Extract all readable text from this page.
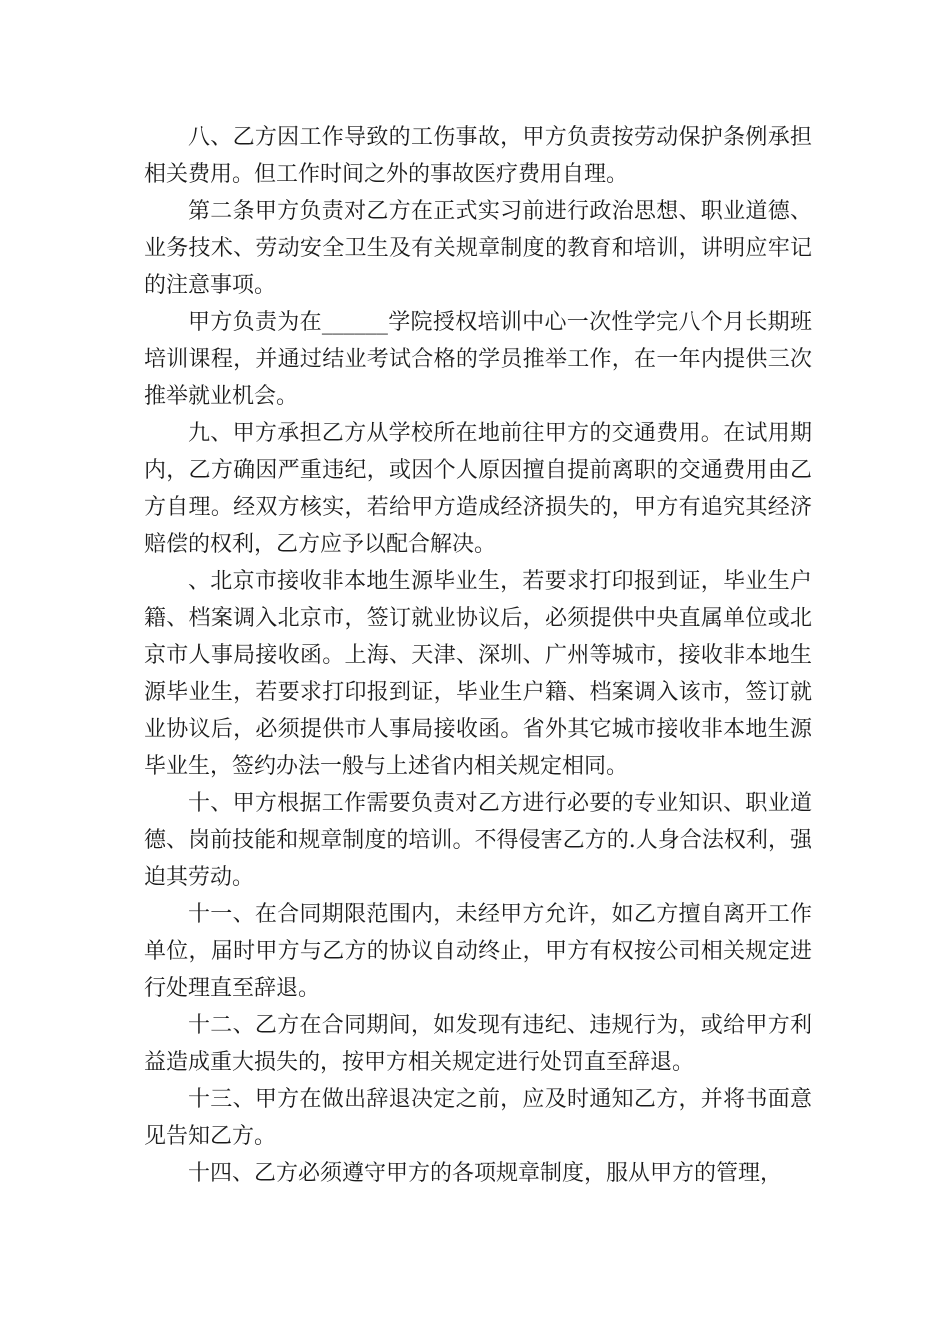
八、乙方因工作导致的工伤事故，甲方负责按劳动保护条例承担相关费用。但工作时间之外的事故医疗费用自理。

第二条甲方负责对乙方在正式实习前进行政治思想、职业道德、业务技术、劳动安全卫生及有关规章制度的教育和培训，讲明应牢记的注意事项。

甲方负责为在______学院授权培训中心一次性学完八个月长期班培训课程，并通过结业考试合格的学员推举工作，在一年内提供三次推举就业机会。

九、甲方承担乙方从学校所在地前往甲方的交通费用。在试用期内，乙方确因严重违纪，或因个人原因擅自提前离职的交通费用由乙方自理。经双方核实，若给甲方造成经济损失的，甲方有追究其经济赔偿的权利，乙方应予以配合解决。

、北京市接收非本地生源毕业生，若要求打印报到证，毕业生户籍、档案调入北京市，签订就业协议后，必须提供中央直属单位或北京市人事局接收函。上海、天津、深圳、广州等城市，接收非本地生源毕业生，若要求打印报到证，毕业生户籍、档案调入该市，签订就业协议后，必须提供市人事局接收函。省外其它城市接收非本地生源毕业生，签约办法一般与上述省内相关规定相同。

十、甲方根据工作需要负责对乙方进行必要的专业知识、职业道德、岗前技能和规章制度的培训。不得侵害乙方的.人身合法权利，强迫其劳动。

十一、在合同期限范围内，未经甲方允许，如乙方擅自离开工作单位，届时甲方与乙方的协议自动终止，甲方有权按公司相关规定进行处理直至辞退。

十二、乙方在合同期间，如发现有违纪、违规行为，或给甲方利益造成重大损失的，按甲方相关规定进行处罚直至辞退。

十三、甲方在做出辞退决定之前，应及时通知乙方，并将书面意见告知乙方。

十四、乙方必须遵守甲方的各项规章制度，服从甲方的管理，
